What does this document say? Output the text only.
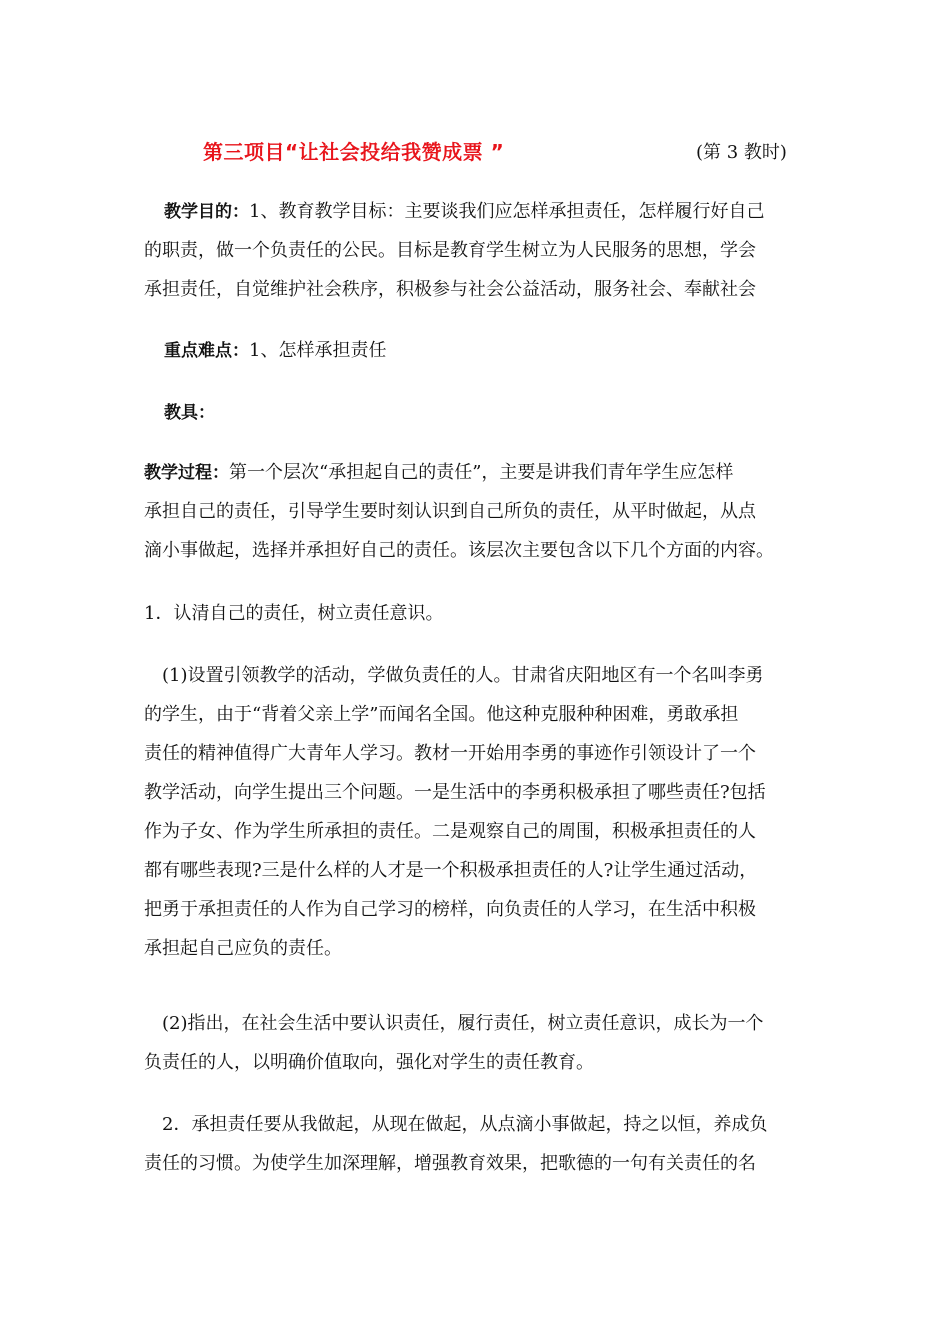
第三项目“让社会投给我赞成票 ”	(第 3 教时)
教学目的：1、教育教学目标：主要谈我们应怎样承担责任，怎样履行好自己
的职责，做一个负责任的公民。目标是教育学生树立为人民服务的思想，学会
承担责任，自觉维护社会秩序，积极参与社会公益活动，服务社会、奉献社会
重点难点：1、怎样承担责任
教具：
教学过程：第一个层次“承担起自己的责任”，主要是讲我们青年学生应怎样
承担自己的责任，引导学生要时刻认识到自己所负的责任，从平时做起，从点
滴小事做起，选择并承担好自己的责任。该层次主要包含以下几个方面的内容。
1．认清自己的责任，树立责任意识。
(1)设置引领教学的活动，学做负责任的人。甘肃省庆阳地区有一个名叫李勇
的学生，由于“背着父亲上学”而闻名全国。他这种克服种种困难，勇敢承担
责任的精神值得广大青年人学习。教材一开始用李勇的事迹作引领设计了一个
教学活动，向学生提出三个问题。一是生活中的李勇积极承担了哪些责任?包括
作为子女、作为学生所承担的责任。二是观察自己的周围，积极承担责任的人
都有哪些表现?三是什么样的人才是一个积极承担责任的人?让学生通过活动，
把勇于承担责任的人作为自己学习的榜样，向负责任的人学习，在生活中积极
承担起自己应负的责任。
(2)指出，在社会生活中要认识责任，履行责任，树立责任意识，成长为一个
负责任的人，以明确价值取向，强化对学生的责任教育。
2．承担责任要从我做起，从现在做起，从点滴小事做起，持之以恒，养成负
责任的习惯。为使学生加深理解，增强教育效果，把歌德的一句有关责任的名
